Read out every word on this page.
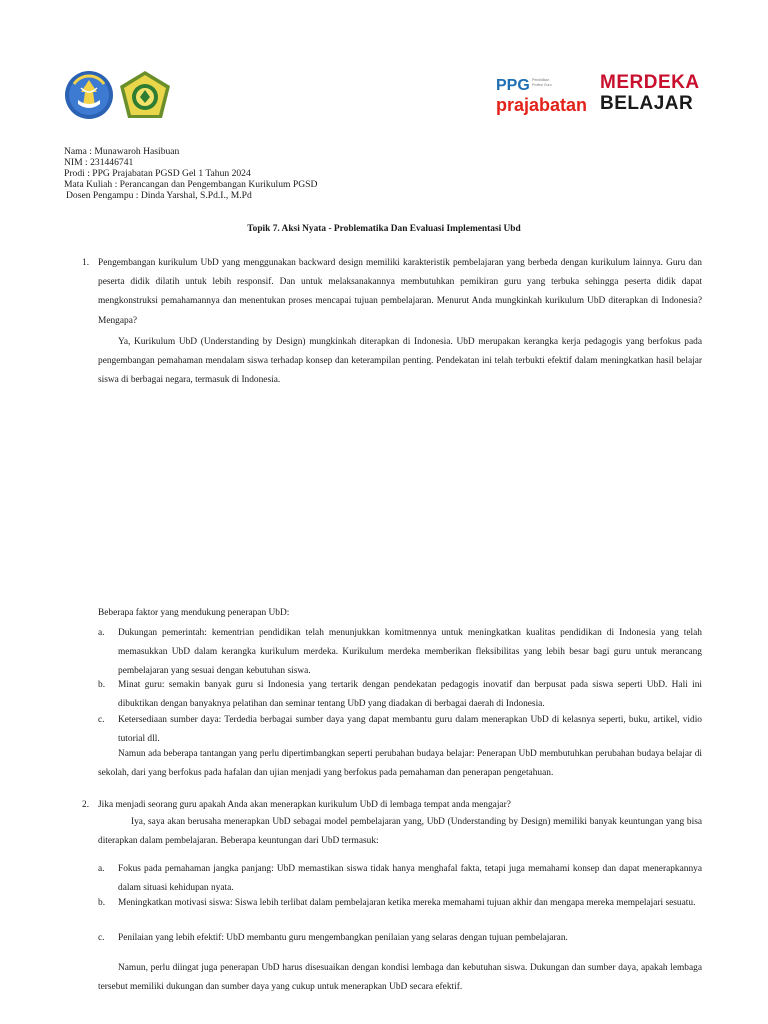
PPG
prajabatan
Pendidikan Profesi Guru	MERDEKA
BELAJAR
Nama : Munawaroh Hasibuan
NIM : 231446741
Prodi : PPG Prajabatan PGSD Gel 1 Tahun 2024
Mata Kuliah : Perancangan dan Pengembangan Kurikulum PGSD
Dosen Pengampu : Dinda Yarshal, S.Pd.I., M.Pd
Topik 7. Aksi Nyata - Problematika Dan Evaluasi Implementasi Ubd
1. Pengembangan kurikulum UbD yang menggunakan backward design memiliki karakteristik pembelajaran yang berbeda dengan kurikulum lainnya. Guru dan peserta didik dilatih untuk lebih responsif. Dan untuk melaksanakannya membutuhkan pemikiran guru yang terbuka sehingga peserta didik dapat mengkonstruksi pemahamannya dan menentukan proses mencapai tujuan pembelajaran. Menurut Anda mungkinkah kurikulum UbD diterapkan di Indonesia? Mengapa?
Ya, Kurikulum UbD (Understanding by Design) mungkinkah diterapkan di Indonesia. UbD merupakan kerangka kerja pedagogis yang berfokus pada pengembangan pemahaman mendalam siswa terhadap konsep dan keterampilan penting. Pendekatan ini telah terbukti efektif dalam meningkatkan hasil belajar siswa di berbagai negara, termasuk di Indonesia.
Beberapa faktor yang mendukung penerapan UbD:
a. Dukungan pemerintah: kementrian pendidikan telah menunjukkan komitmennya untuk meningkatkan kualitas pendidikan di Indonesia yang telah memasukkan UbD dalam kerangka kurikulum merdeka. Kurikulum merdeka memberikan fleksibilitas yang lebih besar bagi guru untuk merancang pembelajaran yang sesuai dengan kebutuhan siswa.
b. Minat guru: semakin banyak guru si Indonesia yang tertarik dengan pendekatan pedagogis inovatif dan berpusat pada siswa seperti UbD. Hali ini dibuktikan dengan banyaknya pelatihan dan seminar tentang UbD yang diadakan di berbagai daerah di Indonesia.
c. Ketersediaan sumber daya: Terdedia berbagai sumber daya yang dapat membantu guru dalam menerapkan UbD di kelasnya seperti, buku, artikel, vidio tutorial dll.
Namun ada beberapa tantangan yang perlu dipertimbangkan seperti perubahan budaya belajar: Penerapan UbD membutuhkan perubahan budaya belajar di sekolah, dari yang berfokus pada hafalan dan ujian menjadi yang berfokus pada pemahaman dan penerapan pengetahuan.
2. Jika menjadi seorang guru apakah Anda akan menerapkan kurikulum UbD di lembaga tempat anda mengajar?
Iya, saya akan berusaha menerapkan UbD sebagai model pembelajaran yang, UbD (Understanding by Design) memiliki banyak keuntungan yang bisa diterapkan dalam pembelajaran. Beberapa keuntungan dari UbD termasuk:
a. Fokus pada pemahaman jangka panjang: UbD memastikan siswa tidak hanya menghafal fakta, tetapi juga memahami konsep dan dapat menerapkannya dalam situasi kehidupan nyata.
b. Meningkatkan motivasi siswa: Siswa lebih terlibat dalam pembelajaran ketika mereka memahami tujuan akhir dan mengapa mereka mempelajari sesuatu.
c. Penilaian yang lebih efektif: UbD membantu guru mengembangkan penilaian yang selaras dengan tujuan pembelajaran.
Namun, perlu diingat juga penerapan UbD harus disesuaikan dengan kondisi lembaga dan kebutuhan siswa. Dukungan dan sumber daya, apakah lembaga tersebut memiliki dukungan dan sumber daya yang cukup untuk menerapkan UbD secara efektif.
